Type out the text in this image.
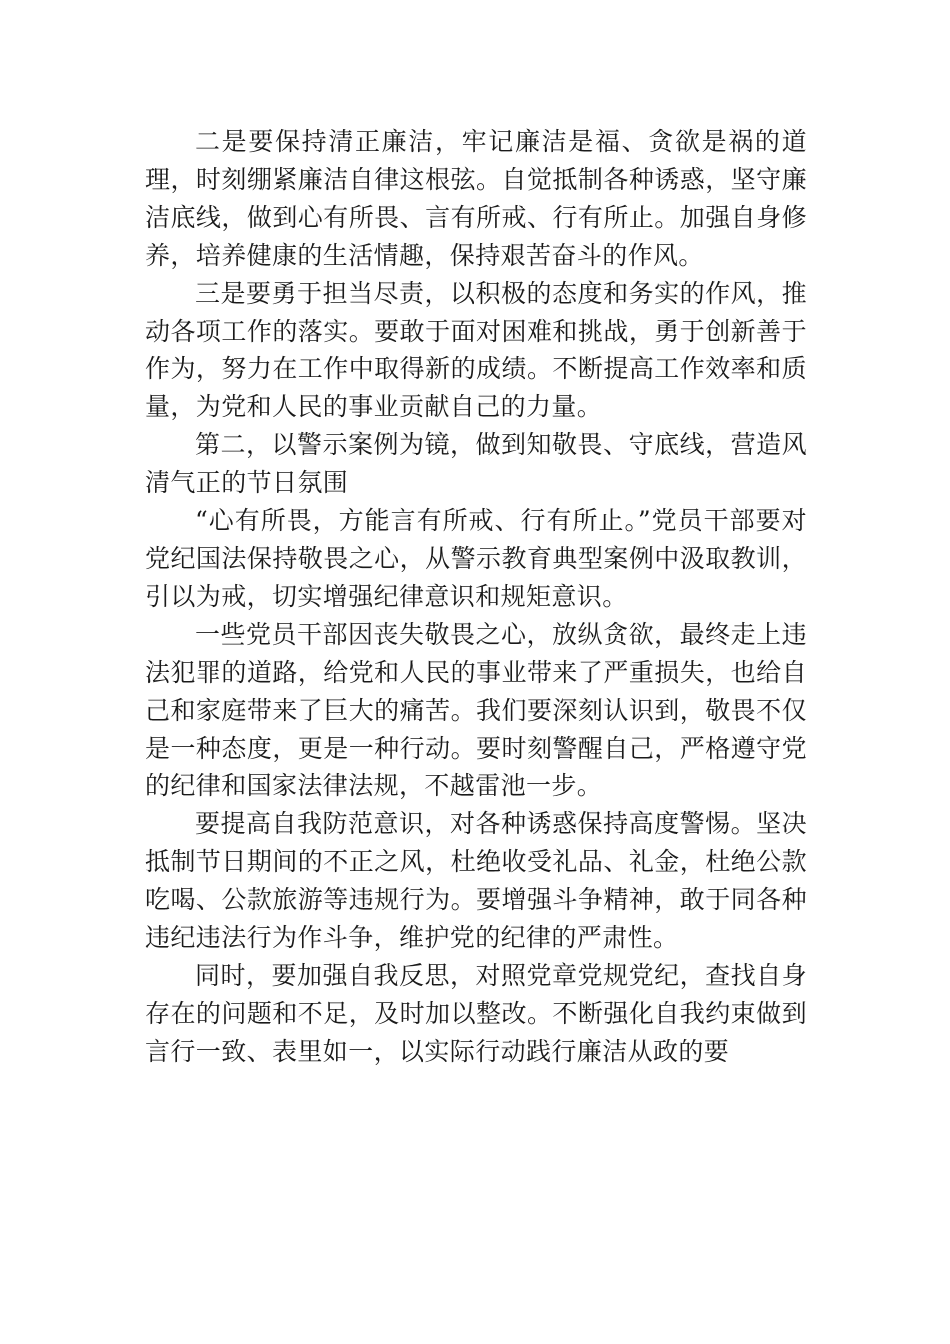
二是要保持清正廉洁，牢记廉洁是福、贪欲是祸的道理，时刻绷紧廉洁自律这根弦。自觉抵制各种诱惑，坚守廉洁底线，做到心有所畏、言有所戒、行有所止。加强自身修养，培养健康的生活情趣，保持艰苦奋斗的作风。

三是要勇于担当尽责，以积极的态度和务实的作风，推动各项工作的落实。要敢于面对困难和挑战，勇于创新善于作为，努力在工作中取得新的成绩。不断提高工作效率和质量，为党和人民的事业贡献自己的力量。

第二，以警示案例为镜，做到知敬畏、守底线，营造风清气正的节日氛围

“心有所畏，方能言有所戒、行有所止。”党员干部要对党纪国法保持敬畏之心，从警示教育典型案例中汲取教训，引以为戒，切实增强纪律意识和规矩意识。

一些党员干部因丧失敬畏之心，放纵贪欲，最终走上违法犯罪的道路，给党和人民的事业带来了严重损失，也给自己和家庭带来了巨大的痛苦。我们要深刻认识到，敬畏不仅是一种态度，更是一种行动。要时刻警醒自己，严格遵守党的纪律和国家法律法规，不越雷池一步。

要提高自我防范意识，对各种诱惑保持高度警惕。坚决抵制节日期间的不正之风，杜绝收受礼品、礼金，杜绝公款吃喝、公款旅游等违规行为。要增强斗争精神，敢于同各种违纪违法行为作斗争，维护党的纪律的严肃性。

同时，要加强自我反思，对照党章党规党纪，查找自身存在的问题和不足，及时加以整改。不断强化自我约束做到言行一致、表里如一，以实际行动践行廉洁从政的要
